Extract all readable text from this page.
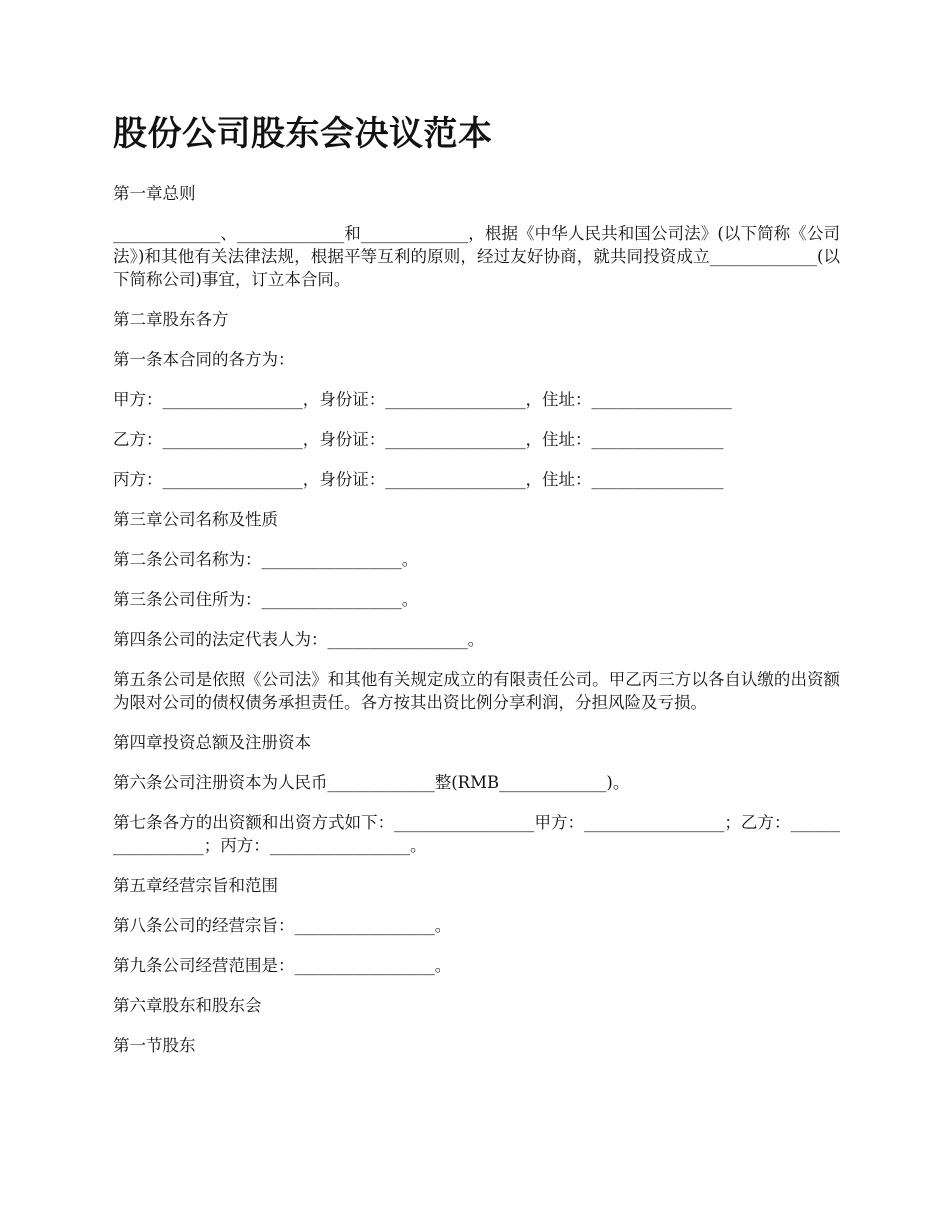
股份公司股东会决议范本

第一章总则

_____________、_____________和_____________，根据《中华人民共和国公司法》(以下简称《公司法》)和其他有关法律法规，根据平等互利的原则，经过友好协商，就共同投资成立_____________(以下简称公司)事宜，订立本合同。

第二章股东各方

第一条本合同的各方为：

甲方：_________________，身份证：_________________，住址：_________________

乙方：_________________，身份证：_________________，住址：________________

丙方：_________________，身份证：_________________，住址：________________

第三章公司名称及性质

第二条公司名称为：_________________。

第三条公司住所为：_________________。

第四条公司的法定代表人为：_________________。

第五条公司是依照《公司法》和其他有关规定成立的有限责任公司。甲乙丙三方以各自认缴的出资额为限对公司的债权债务承担责任。各方按其出资比例分享利润，分担风险及亏损。

第四章投资总额及注册资本

第六条公司注册资本为人民币_____________整(RMB_____________)。

第七条各方的出资额和出资方式如下：_________________甲方：_________________；乙方：_________________；丙方：_________________。

第五章经营宗旨和范围

第八条公司的经营宗旨：_________________。

第九条公司经营范围是：_________________。

第六章股东和股东会

第一节股东
